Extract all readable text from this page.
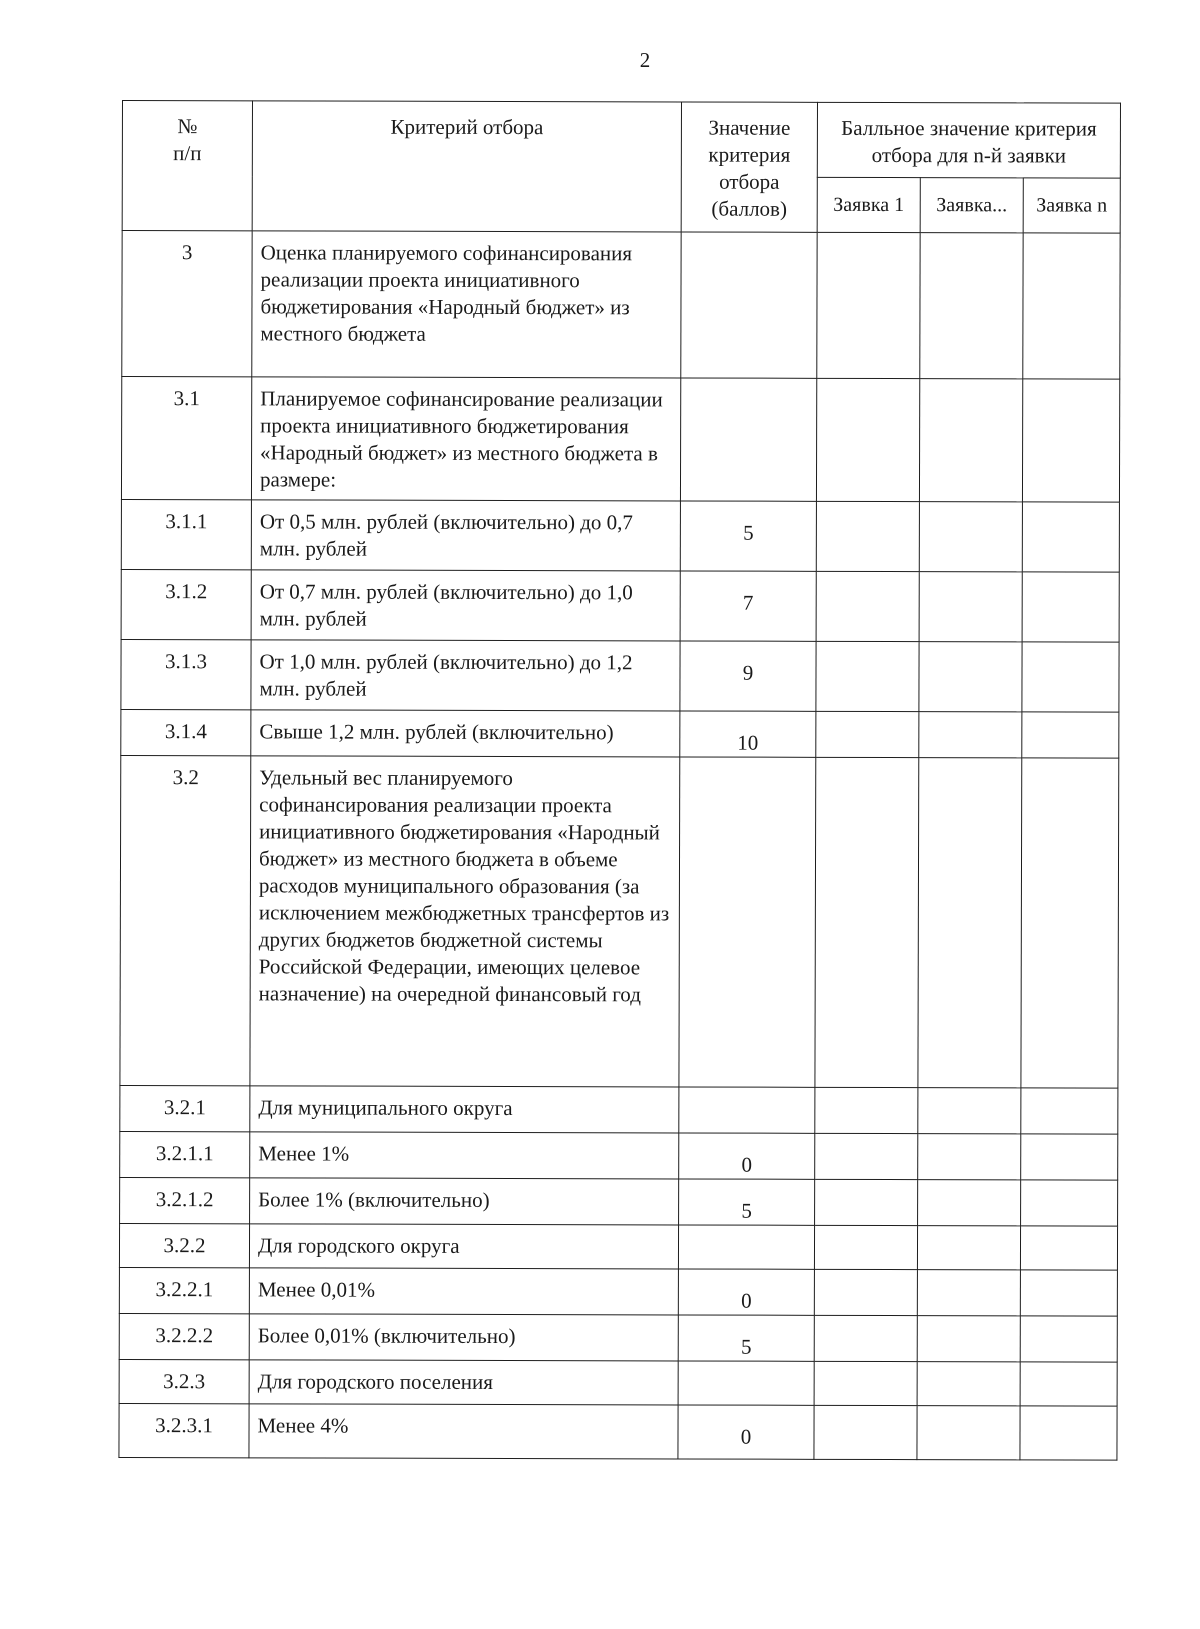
2
№
п/п	Критерий отбора	Значение критерия отбора (баллов)	Балльное значение критерия отбора для n-й заявки		
			Заявка 1	Заявка...	Заявка n
3	Оценка планируемого софинансирования реализации проекта инициативного бюджетирования «Народный бюджет» из местного бюджета				
3.1	Планируемое софинансирование реализации проекта инициативного бюджетирования «Народный бюджет» из местного бюджета в размере:				
3.1.1	От 0,5 млн. рублей (включительно) до 0,7 млн. рублей	5			
3.1.2	От 0,7 млн. рублей (включительно) до 1,0 млн. рублей	7			
3.1.3	От 1,0 млн. рублей (включительно) до 1,2 млн. рублей	9			
3.1.4	Свыше 1,2 млн. рублей (включительно)	10			
3.2	Удельный вес планируемого софинансирования реализации проекта инициативного бюджетирования «Народный бюджет» из местного бюджета в объеме расходов муниципального образования (за исключением межбюджетных трансфертов из других бюджетов бюджетной системы Российской Федерации, имеющих целевое назначение) на очередной финансовый год				
3.2.1	Для муниципального округа				
3.2.1.1	Менее 1%	0			
3.2.1.2	Более 1% (включительно)	5			
3.2.2	Для городского округа				
3.2.2.1	Менее 0,01%	0			
3.2.2.2	Более 0,01% (включительно)	5			
3.2.3	Для городского поселения				
3.2.3.1	Менее 4%	0			
